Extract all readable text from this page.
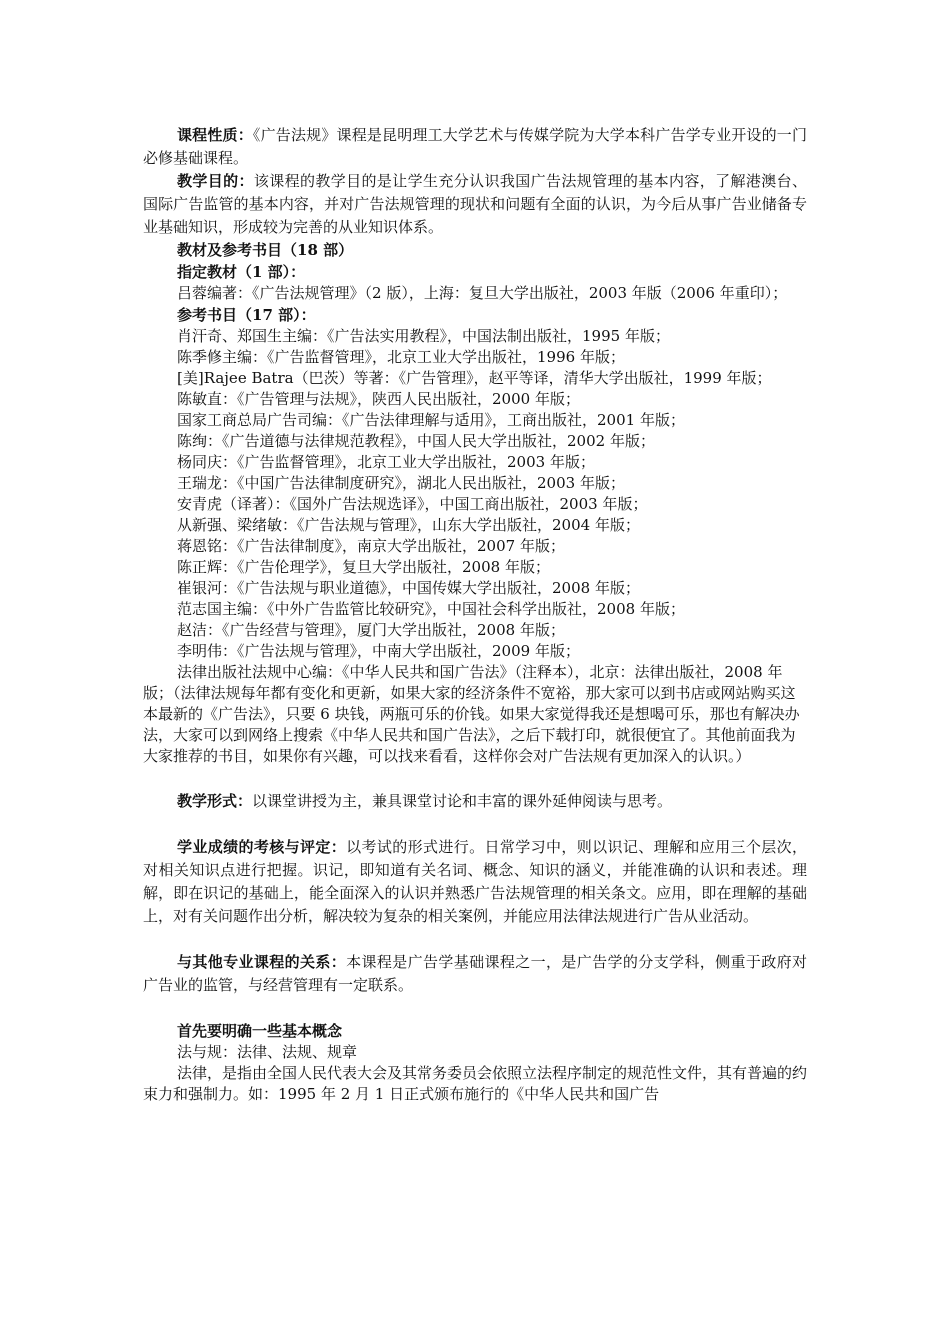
课程性质：《广告法规》课程是昆明理工大学艺术与传媒学院为大学本科广告学专业开设的一门必修基础课程。

教学目的：该课程的教学目的是让学生充分认识我国广告法规管理的基本内容，了解港澳台、国际广告监管的基本内容，并对广告法规管理的现状和问题有全面的认识，为今后从事广告业储备专业基础知识，形成较为完善的从业知识体系。

教材及参考书目（18 部）

指定教材（1 部）：

吕蓉编著：《广告法规管理》（2 版），上海：复旦大学出版社，2003 年版（2006 年重印）；

参考书目（17 部）：

肖汗奇、郑国生主编：《广告法实用教程》，中国法制出版社，1995 年版；

陈季修主编：《广告监督管理》，北京工业大学出版社，1996 年版；

[美]Rajee Batra（巴茨）等著：《广告管理》，赵平等译，清华大学出版社，1999 年版；

陈敏直：《广告管理与法规》，陕西人民出版社，2000 年版；

国家工商总局广告司编：《广告法律理解与适用》，工商出版社，2001 年版；

陈绚：《广告道德与法律规范教程》，中国人民大学出版社，2002 年版；

杨同庆：《广告监督管理》，北京工业大学出版社，2003 年版；

王瑞龙：《中国广告法律制度研究》，湖北人民出版社，2003 年版；

安青虎（译著）：《国外广告法规选译》，中国工商出版社，2003 年版；

从新强、梁绪敏：《广告法规与管理》，山东大学出版社，2004 年版；

蒋恩铭：《广告法律制度》，南京大学出版社，2007 年版；

陈正辉：《广告伦理学》，复旦大学出版社，2008 年版；

崔银河：《广告法规与职业道德》，中国传媒大学出版社，2008 年版；

范志国主编：《中外广告监管比较研究》，中国社会科学出版社，2008 年版；

赵洁：《广告经营与管理》，厦门大学出版社，2008 年版；

李明伟：《广告法规与管理》，中南大学出版社，2009 年版；

法律出版社法规中心编：《中华人民共和国广告法》（注释本），北京：法律出版社，2008 年版；（法律法规每年都有变化和更新，如果大家的经济条件不宽裕，那大家可以到书店或网站购买这本最新的《广告法》，只要 6 块钱，两瓶可乐的价钱。如果大家觉得我还是想喝可乐，那也有解决办法，大家可以到网络上搜索《中华人民共和国广告法》，之后下载打印，就很便宜了。其他前面我为大家推荐的书目，如果你有兴趣，可以找来看看，这样你会对广告法规有更加深入的认识。）

教学形式：以课堂讲授为主，兼具课堂讨论和丰富的课外延伸阅读与思考。

学业成绩的考核与评定：以考试的形式进行。日常学习中，则以识记、理解和应用三个层次，对相关知识点进行把握。识记，即知道有关名词、概念、知识的涵义，并能准确的认识和表述。理解，即在识记的基础上，能全面深入的认识并熟悉广告法规管理的相关条文。应用，即在理解的基础上，对有关问题作出分析，解决较为复杂的相关案例，并能应用法律法规进行广告从业活动。

与其他专业课程的关系：本课程是广告学基础课程之一，是广告学的分支学科，侧重于政府对广告业的监管，与经营管理有一定联系。

首先要明确一些基本概念

法与规：法律、法规、规章

法律，是指由全国人民代表大会及其常务委员会依照立法程序制定的规范性文件，其有普遍的约束力和强制力。如：1995 年 2 月 1 日正式颁布施行的《中华人民共和国广告
